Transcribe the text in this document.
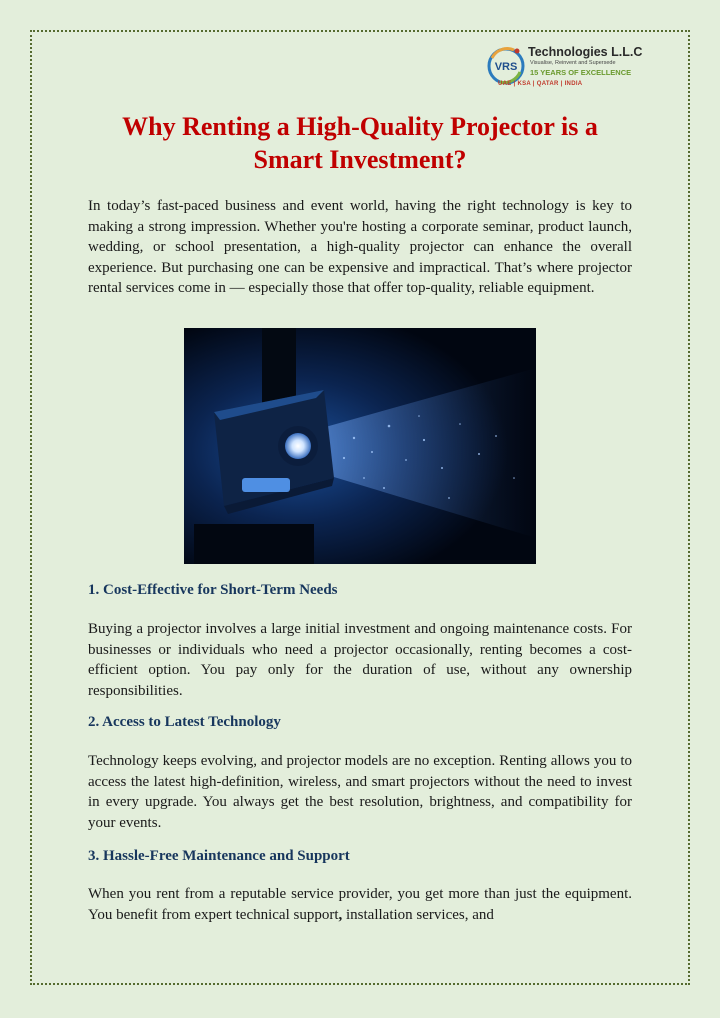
VRS
Technologies L.L.C
Visualise, Reinvent and Supersede
15 YEARS OF EXCELLENCE
UAE | KSA | QATAR | INDIA
Why Renting a High-Quality Projector is a Smart Investment?

In today’s fast-paced business and event world, having the right technology is key to making a strong impression. Whether you're hosting a corporate seminar, product launch, wedding, or school presentation, a high-quality projector can enhance the overall experience. But purchasing one can be expensive and impractical. That’s where projector rental services come in — especially those that offer top-quality, reliable equipment.

1. Cost-Effective for Short-Term Needs

Buying a projector involves a large initial investment and ongoing maintenance costs. For businesses or individuals who need a projector occasionally, renting becomes a cost-efficient option. You pay only for the duration of use, without any ownership responsibilities.

2. Access to Latest Technology

Technology keeps evolving, and projector models are no exception. Renting allows you to access the latest high-definition, wireless, and smart projectors without the need to invest in every upgrade. You always get the best resolution, brightness, and compatibility for your events.

3. Hassle-Free Maintenance and Support

When you rent from a reputable service provider, you get more than just the equipment. You benefit from expert technical support, installation services, and
